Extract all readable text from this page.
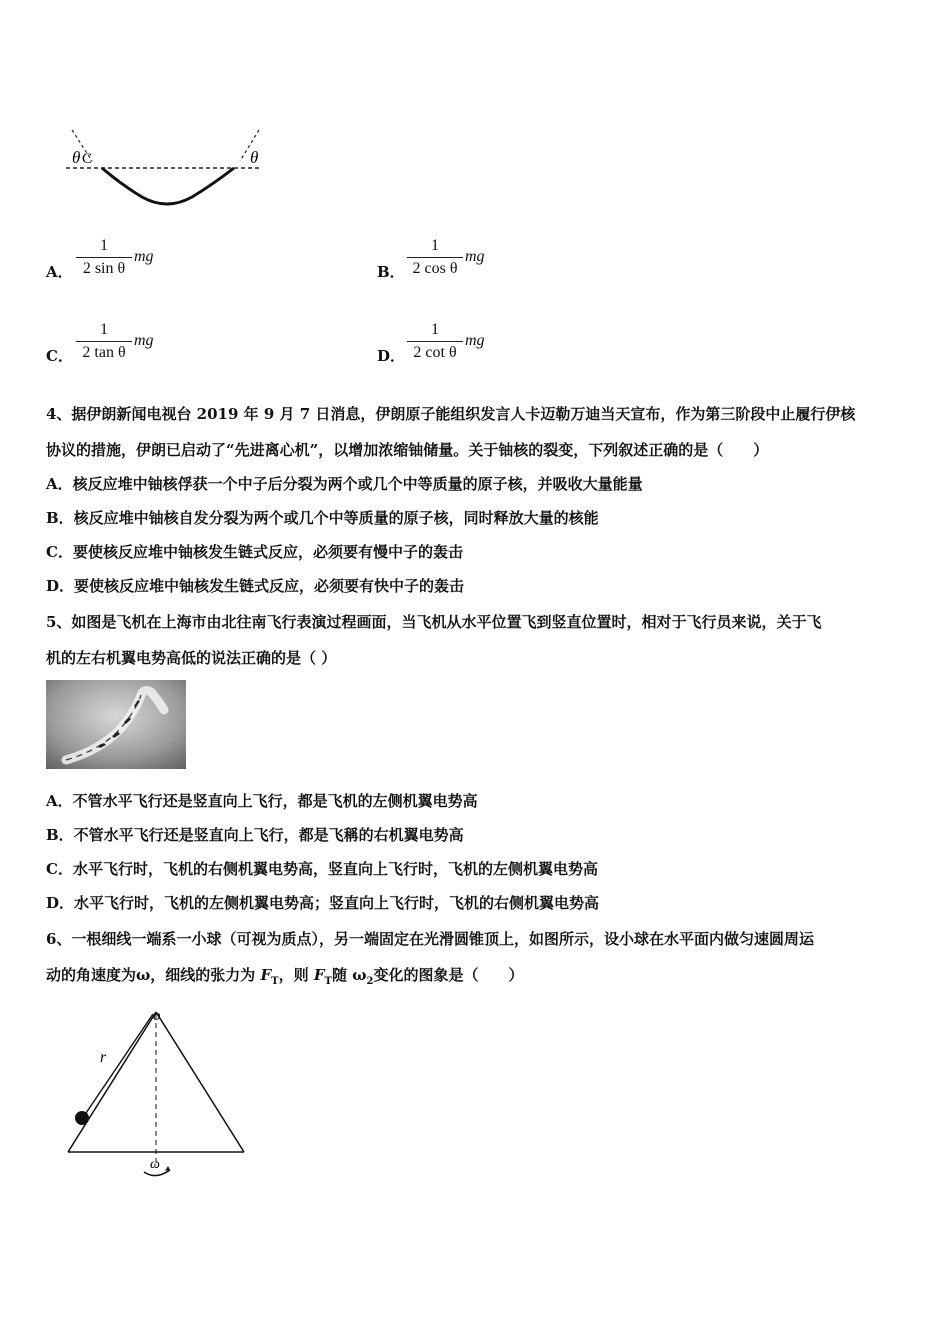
θ C	θ
A．
1
2 sin θ
mg
B．
1
2 cos θ
mg
C．
1
2 tan θ
mg
D．
1
2 cot θ
mg
4、据伊朗新闻电视台 2019 年 9 月 7 日消息，伊朗原子能组织发言人卡迈勒万迪当天宣布，作为第三阶段中止履行伊核
协议的措施，伊朗已启动了“先进离心机”，以增加浓缩铀储量。关于铀核的裂变，下列叙述正确的是（　　）
A．核反应堆中铀核俘获一个中子后分裂为两个或几个中等质量的原子核，并吸收大量能量
B．核反应堆中铀核自发分裂为两个或几个中等质量的原子核，同时释放大量的核能
C．要使核反应堆中铀核发生链式反应，必须要有慢中子的轰击
D．要使核反应堆中铀核发生链式反应，必须要有快中子的轰击
5、如图是飞机在上海市由北往南飞行表演过程画面，当飞机从水平位置飞到竖直位置时，相对于飞行员来说，关于飞
机的左右机翼电势高低的说法正确的是（ ）
A．不管水平飞行还是竖直向上飞行，都是飞机的左侧机翼电势高
B．不管水平飞行还是竖直向上飞行，都是飞稱的右机翼电势高
C．水平飞行时，飞机的右侧机翼电势高，竖直向上飞行时，飞机的左侧机翼电势高
D．水平飞行时，飞机的左侧机翼电势高；竖直向上飞行时，飞机的右侧机翼电势高
6、一根细线一端系一小球（可视为质点），另一端固定在光滑圆锥顶上，如图所示，设小球在水平面内做匀速圆周运
动的角速度为ω，细线的张力为 $F_T$，则 $F_T$随 $\omega_2$变化的图象是（　　）
o
r
ω
